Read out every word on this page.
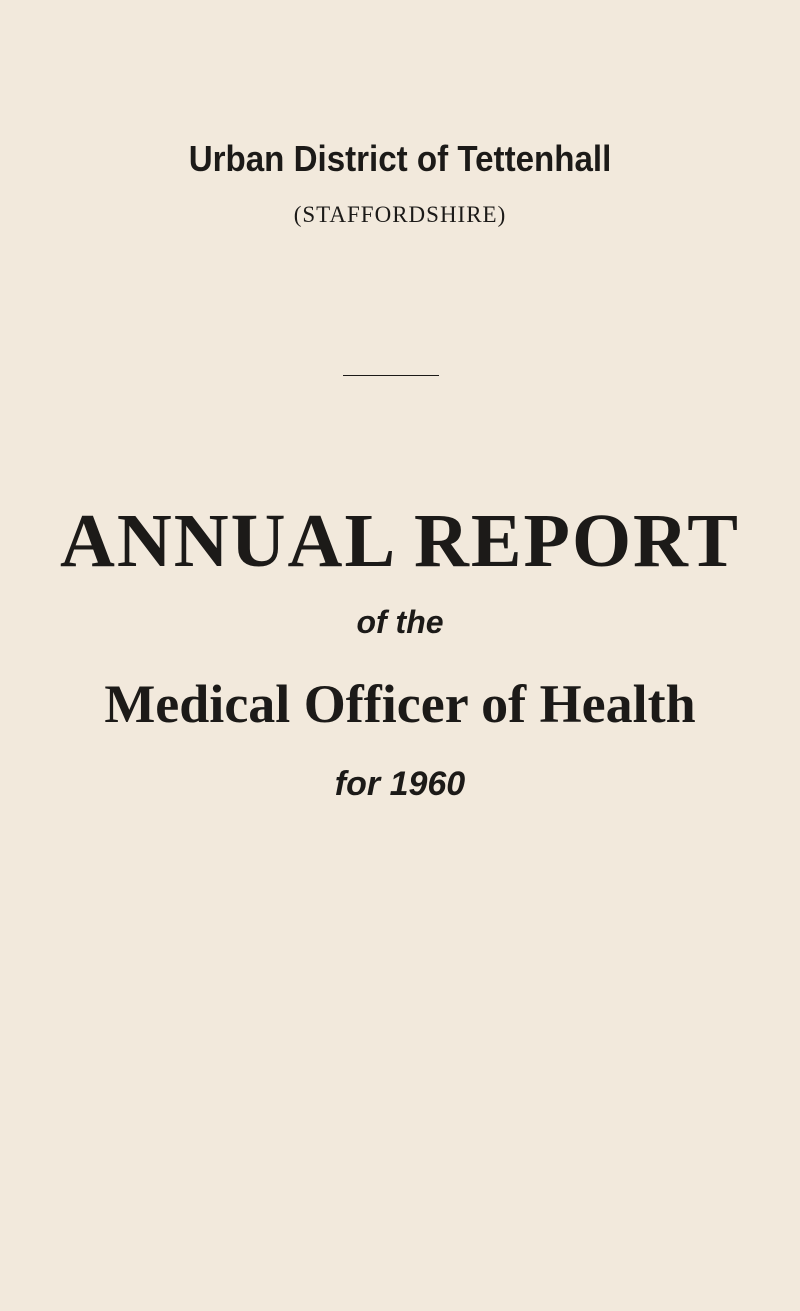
Urban District of Tettenhall
(STAFFORDSHIRE)
ANNUAL REPORT
of the
Medical Officer of Health
for 1960
